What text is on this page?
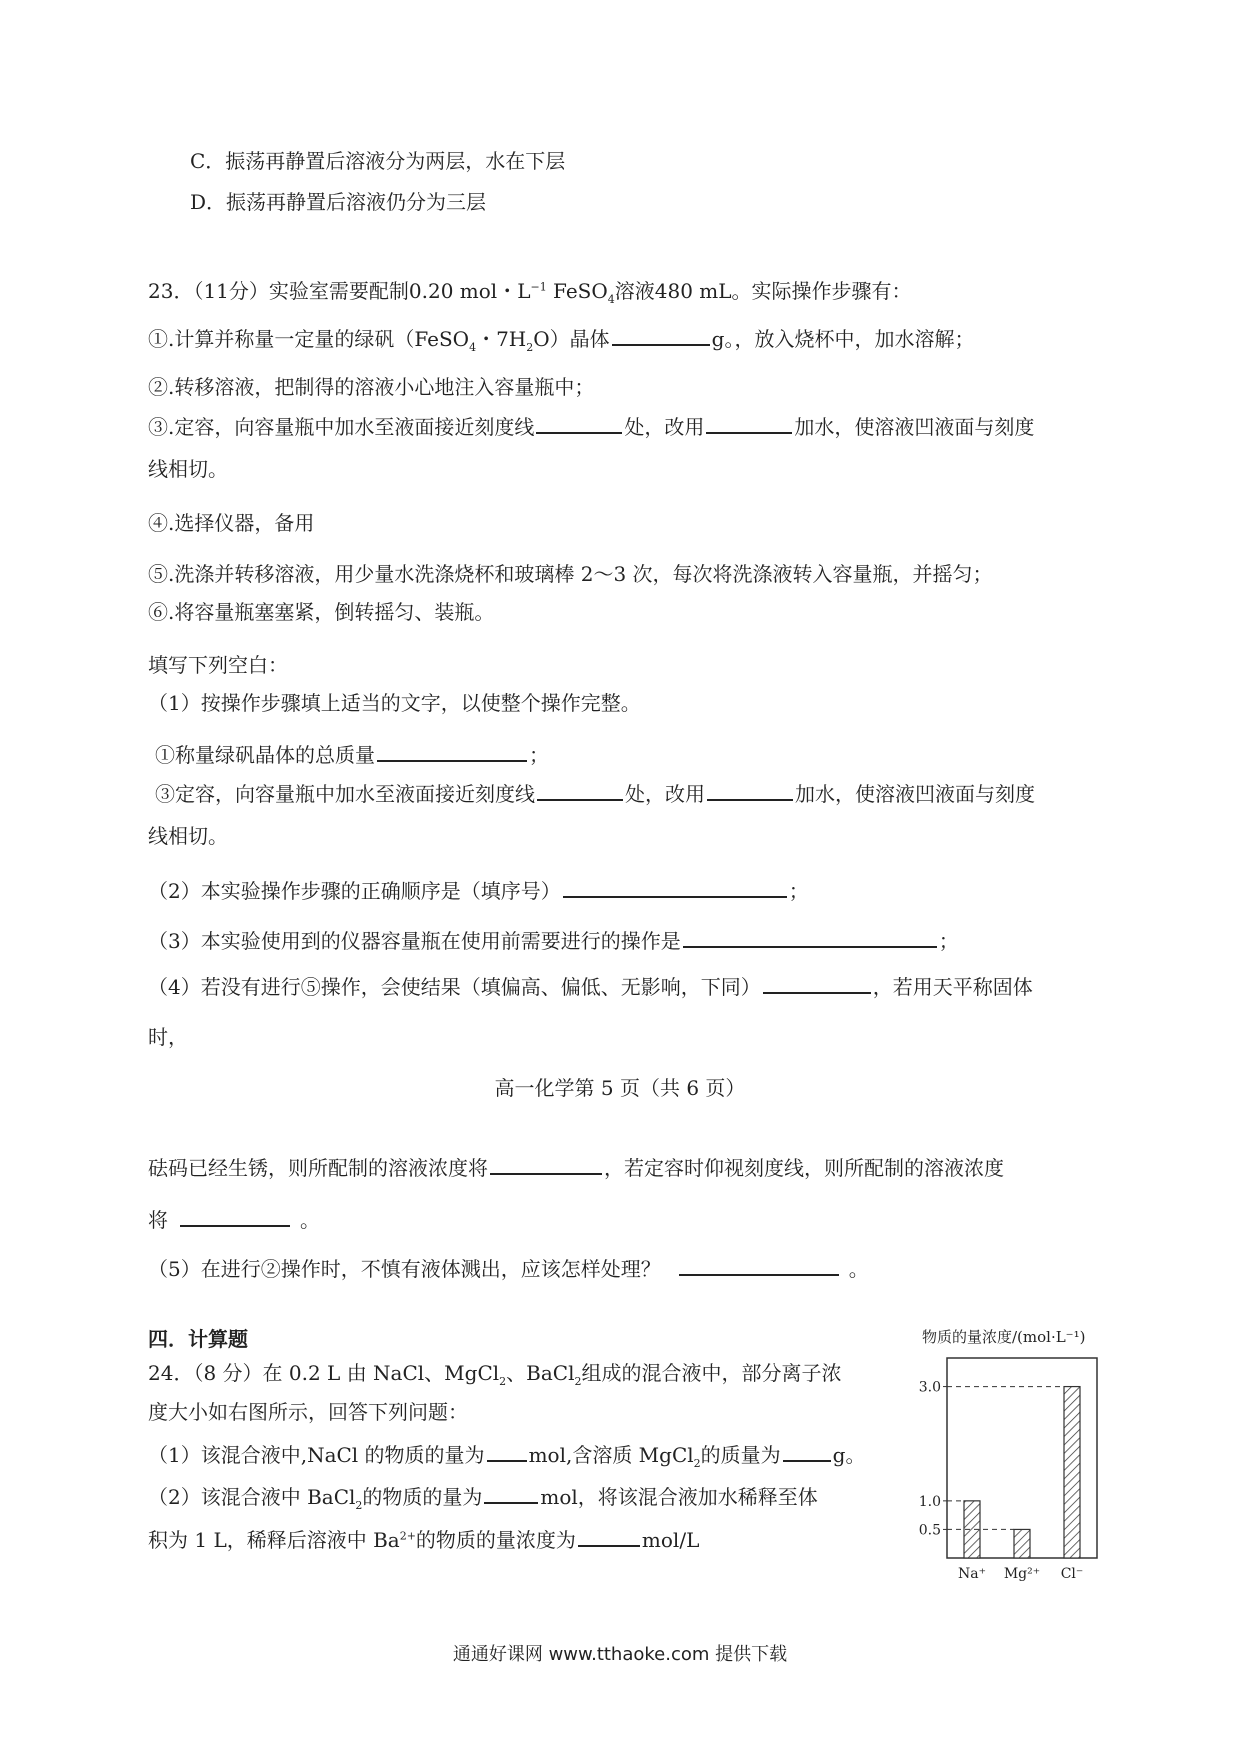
C．振荡再静置后溶液分为两层，水在下层
D．振荡再静置后溶液仍分为三层
23．（11分）实验室需要配制0.20 mol・$L^{-1}$ FeSO$_4$溶液480 mL。实际操作步骤有：
①.计算并称量一定量的绿矾（FeSO$_4$・$7H_2O$）晶体	g。，放入烧杯中，加水溶解；
②.转移溶液，把制得的溶液小心地注入容量瓶中；
③.定容，向容量瓶中加水至液面接近刻度线	处，改用	加水，使溶液凹液面与刻度
线相切。
④.选择仪器，备用
⑤.洗涤并转移溶液，用少量水洗涤烧杯和玻璃棒 2～3 次，每次将洗涤液转入容量瓶，并摇匀；
⑥.将容量瓶塞塞紧，倒转摇匀、装瓶。
填写下列空白：
（1）按操作步骤填上适当的文字，以使整个操作完整。
①称量绿矾晶体的总质量	；
③定容，向容量瓶中加水至液面接近刻度线	处，改用	加水，使溶液凹液面与刻度
线相切。
（2）本实验操作步骤的正确顺序是（填序号）	；
（3）本实验使用到的仪器容量瓶在使用前需要进行的操作是	；
（4）若没有进行⑤操作，会使结果（填偏高、偏低、无影响，下同）	，若用天平称固体
时，
高一化学第 5 页（共 6 页）
砝码已经生锈，则所配制的溶液浓度将	，若定容时仰视刻度线，则所配制的溶液浓度
将	。
（5）在进行②操作时，不慎有液体溅出，应该怎样处理？	。
四．计算题
24．（8 分）在 0.2 L 由 NaCl、MgCl$_2$、BaCl$_2$组成的混合液中，部分离子浓
度大小如右图所示，回答下列问题：
（1）该混合液中,NaCl 的物质的量为 mol,含溶质 MgCl$_2$的质量为	g。
（2）该混合液中 BaCl$_2$的物质的量为	mol，将该混合液加水稀释至体
积为 1 L，稀释后溶液中 $Ba^{2+}$的物质的量浓度为	mol/L
物质的量浓度/(mol·L⁻¹)
Na⁺ Mg²⁺ Cl⁻
3.0
1.0
0.5
通通好课网 www.tthaoke.com 提供下载
